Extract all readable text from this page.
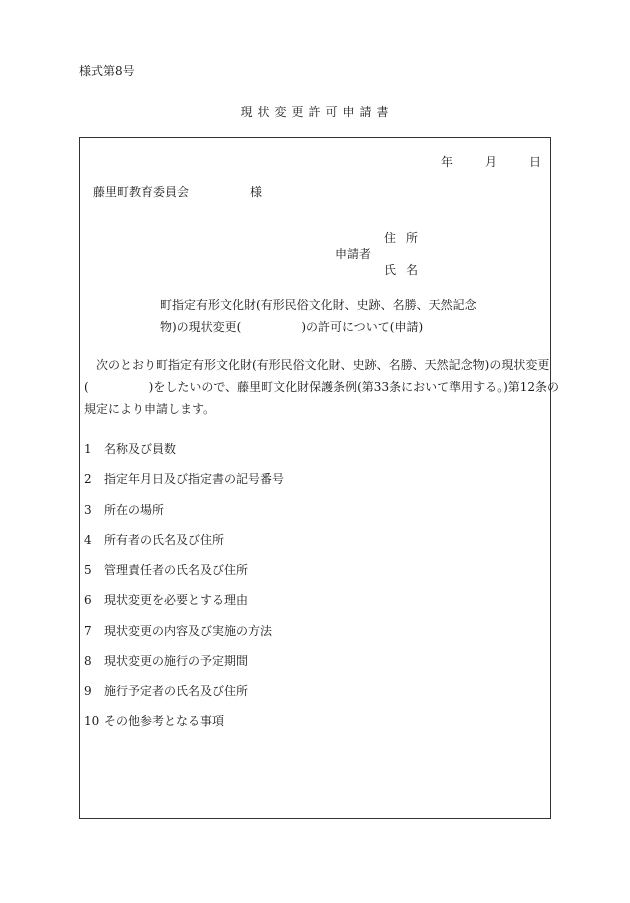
様式第8号
現状変更許可申請書
年	月	日
藤里町教育委員会	様
申請者
住所
氏名
町指定有形文化財(有形民俗文化財、史跡、名勝、天然記念
物)の現状変更(　　　　　)の許可について(申請)
次のとおり町指定有形文化財(有形民俗文化財、史跡、名勝、天然記念物)の現状変更
(　　　　　)をしたいので、藤里町文化財保護条例(第33条において準用する。)第12条の
規定により申請します。
1 名称及び員数
2 指定年月日及び指定書の記号番号
3 所在の場所
4 所有者の氏名及び住所
5 管理責任者の氏名及び住所
6 現状変更を必要とする理由
7 現状変更の内容及び実施の方法
8 現状変更の施行の予定期間
9 施行予定者の氏名及び住所
10 その他参考となる事項
